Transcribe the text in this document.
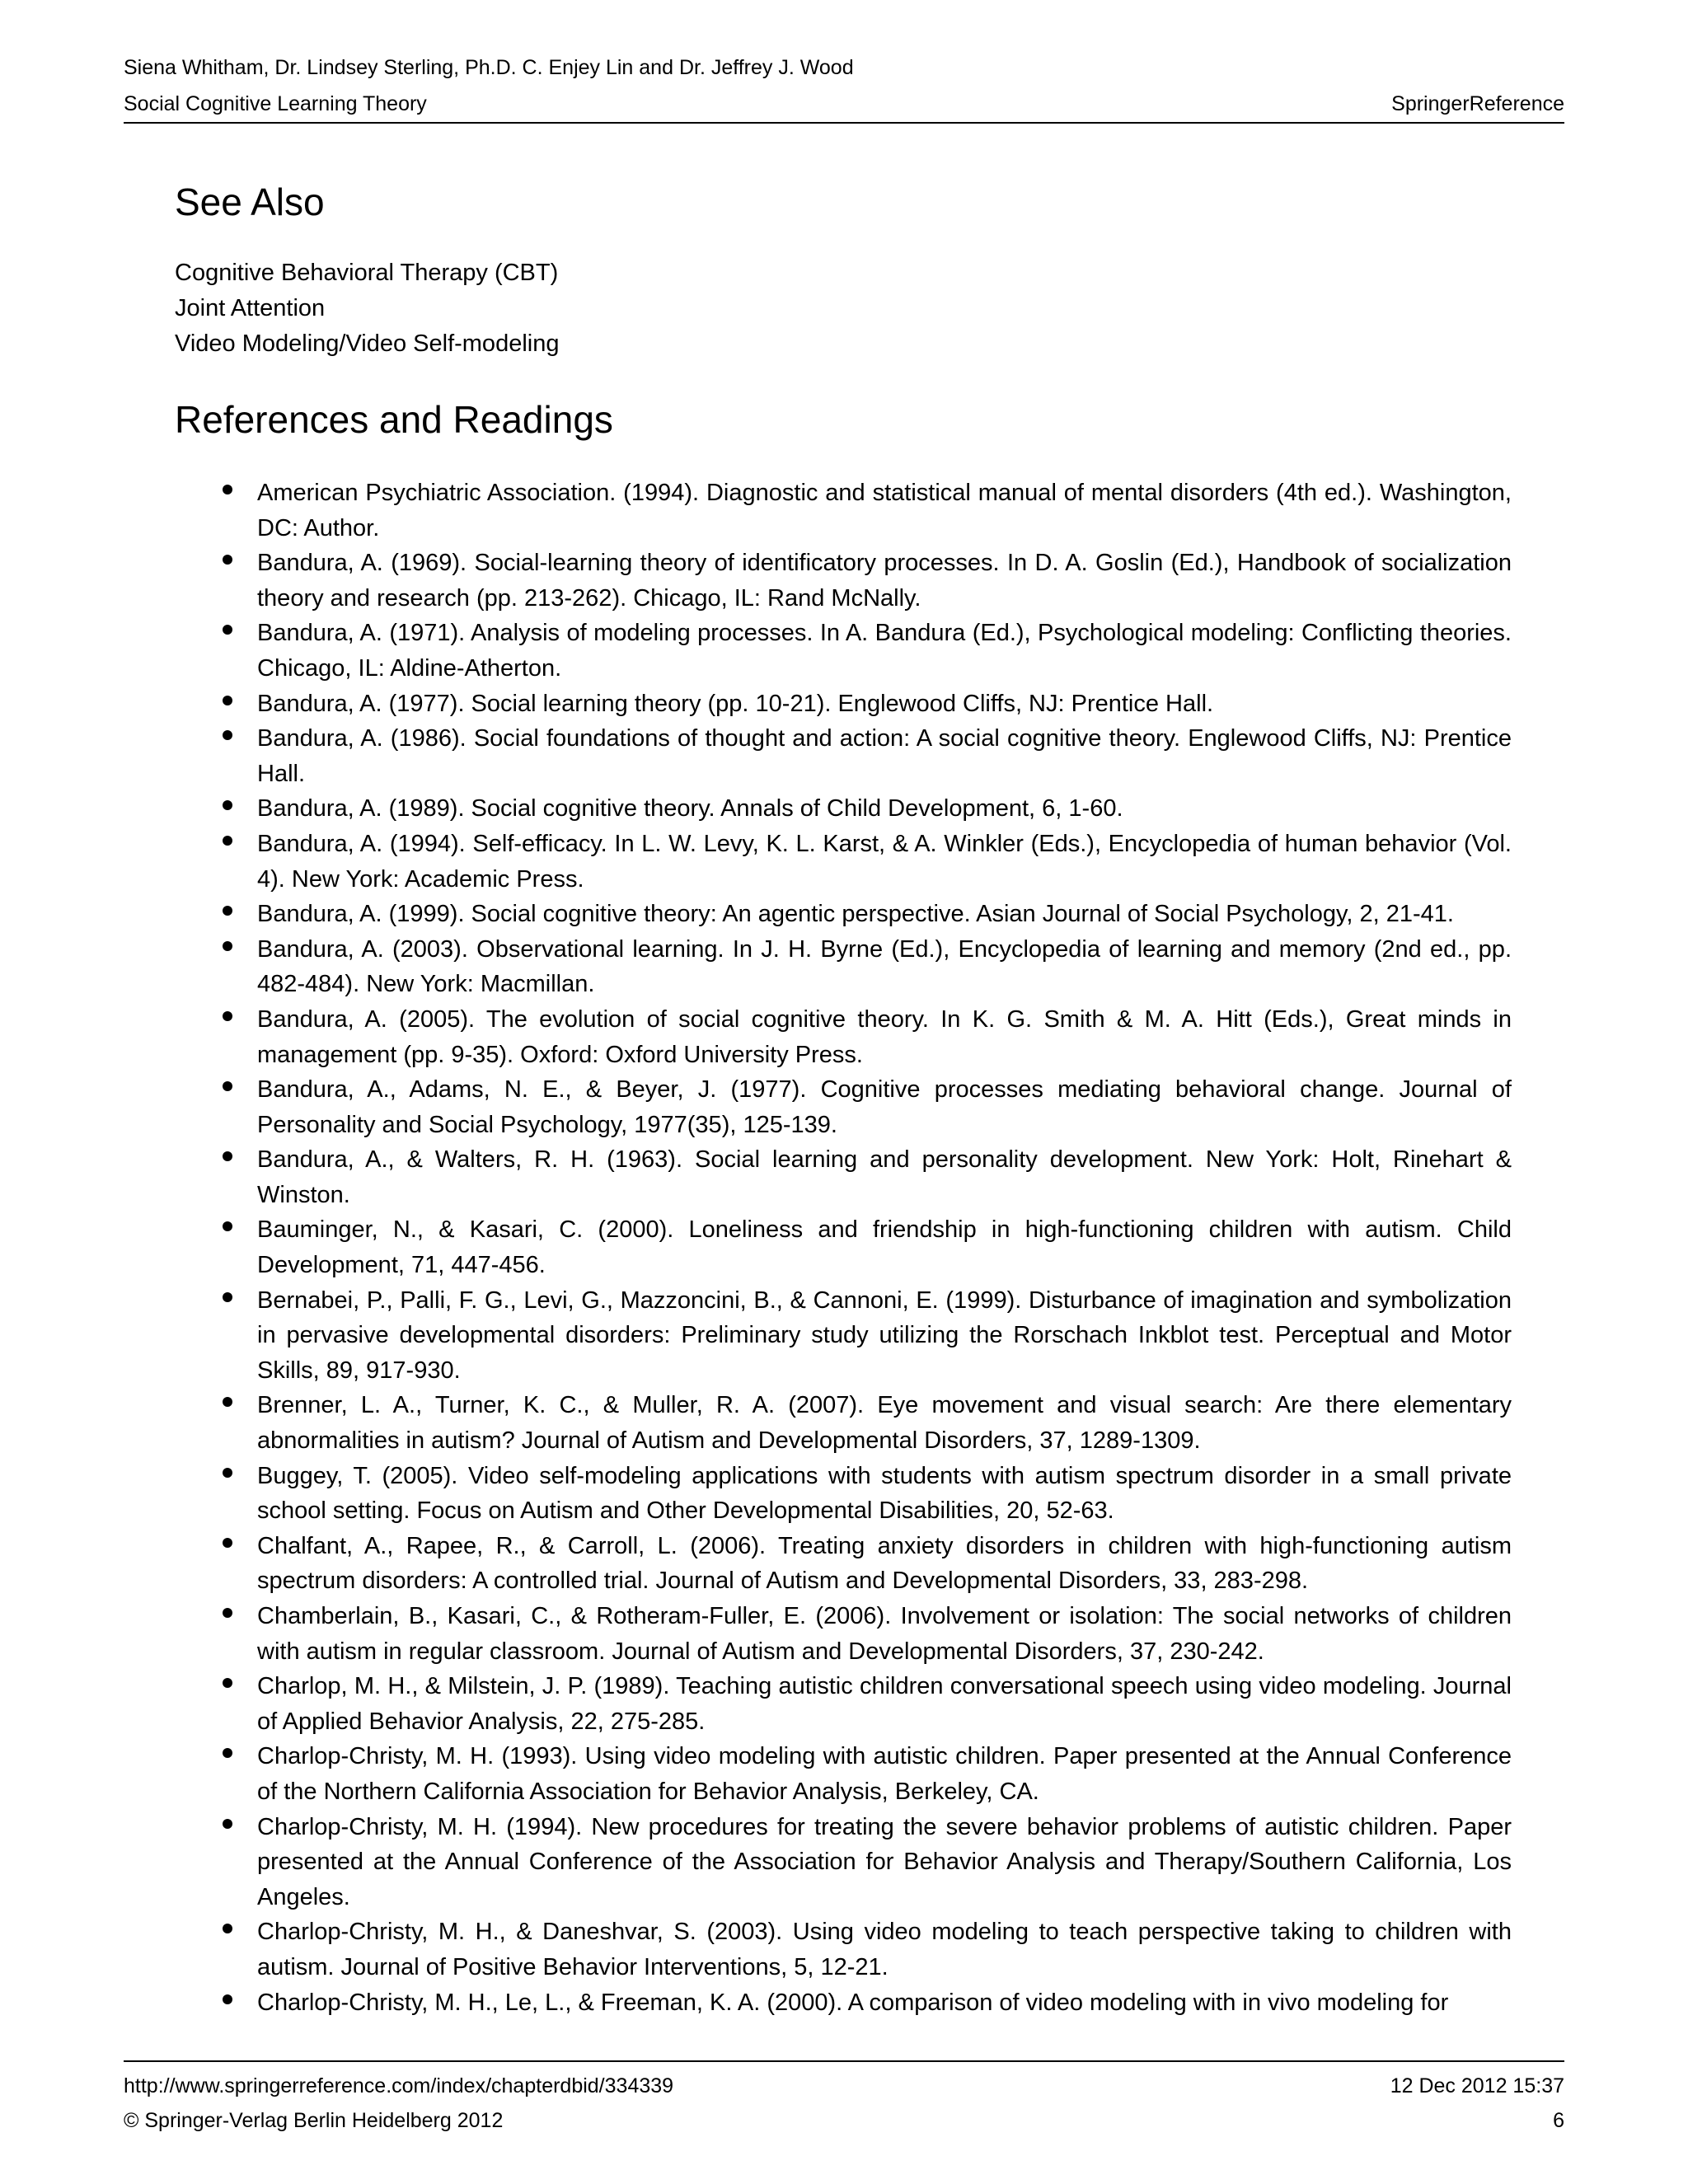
Siena Whitham, Dr. Lindsey Sterling, Ph.D. C. Enjey Lin and Dr. Jeffrey J. Wood
Social Cognitive Learning Theory	SpringerReference
See Also
Cognitive Behavioral Therapy (CBT)
Joint Attention
Video Modeling/Video Self-modeling
References and Readings
American Psychiatric Association. (1994). Diagnostic and statistical manual of mental disorders (4th ed.). Washington, DC: Author.
Bandura, A. (1969). Social-learning theory of identificatory processes. In D. A. Goslin (Ed.), Handbook of socialization theory and research (pp. 213-262). Chicago, IL: Rand McNally.
Bandura, A. (1971). Analysis of modeling processes. In A. Bandura (Ed.), Psychological modeling: Conflicting theories. Chicago, IL: Aldine-Atherton.
Bandura, A. (1977). Social learning theory (pp. 10-21). Englewood Cliffs, NJ: Prentice Hall.
Bandura, A. (1986). Social foundations of thought and action: A social cognitive theory. Englewood Cliffs, NJ: Prentice Hall.
Bandura, A. (1989). Social cognitive theory. Annals of Child Development, 6, 1-60.
Bandura, A. (1994). Self-efficacy. In L. W. Levy, K. L. Karst, & A. Winkler (Eds.), Encyclopedia of human behavior (Vol. 4). New York: Academic Press.
Bandura, A. (1999). Social cognitive theory: An agentic perspective. Asian Journal of Social Psychology, 2, 21-41.
Bandura, A. (2003). Observational learning. In J. H. Byrne (Ed.), Encyclopedia of learning and memory (2nd ed., pp. 482-484). New York: Macmillan.
Bandura, A. (2005). The evolution of social cognitive theory. In K. G. Smith & M. A. Hitt (Eds.), Great minds in management (pp. 9-35). Oxford: Oxford University Press.
Bandura, A., Adams, N. E., & Beyer, J. (1977). Cognitive processes mediating behavioral change. Journal of Personality and Social Psychology, 1977(35), 125-139.
Bandura, A., & Walters, R. H. (1963). Social learning and personality development. New York: Holt, Rinehart & Winston.
Bauminger, N., & Kasari, C. (2000). Loneliness and friendship in high-functioning children with autism. Child Development, 71, 447-456.
Bernabei, P., Palli, F. G., Levi, G., Mazzoncini, B., & Cannoni, E. (1999). Disturbance of imagination and symbolization in pervasive developmental disorders: Preliminary study utilizing the Rorschach Inkblot test. Perceptual and Motor Skills, 89, 917-930.
Brenner, L. A., Turner, K. C., & Muller, R. A. (2007). Eye movement and visual search: Are there elementary abnormalities in autism? Journal of Autism and Developmental Disorders, 37, 1289-1309.
Buggey, T. (2005). Video self-modeling applications with students with autism spectrum disorder in a small private school setting. Focus on Autism and Other Developmental Disabilities, 20, 52-63.
Chalfant, A., Rapee, R., & Carroll, L. (2006). Treating anxiety disorders in children with high-functioning autism spectrum disorders: A controlled trial. Journal of Autism and Developmental Disorders, 33, 283-298.
Chamberlain, B., Kasari, C., & Rotheram-Fuller, E. (2006). Involvement or isolation: The social networks of children with autism in regular classroom. Journal of Autism and Developmental Disorders, 37, 230-242.
Charlop, M. H., & Milstein, J. P. (1989). Teaching autistic children conversational speech using video modeling. Journal of Applied Behavior Analysis, 22, 275-285.
Charlop-Christy, M. H. (1993). Using video modeling with autistic children. Paper presented at the Annual Conference of the Northern California Association for Behavior Analysis, Berkeley, CA.
Charlop-Christy, M. H. (1994). New procedures for treating the severe behavior problems of autistic children. Paper presented at the Annual Conference of the Association for Behavior Analysis and Therapy/Southern California, Los Angeles.
Charlop-Christy, M. H., & Daneshvar, S. (2003). Using video modeling to teach perspective taking to children with autism. Journal of Positive Behavior Interventions, 5, 12-21.
Charlop-Christy, M. H., Le, L., & Freeman, K. A. (2000). A comparison of video modeling with in vivo modeling for
http://www.springerreference.com/index/chapterdbid/334339	12 Dec 2012 15:37
© Springer-Verlag Berlin Heidelberg 2012	6
